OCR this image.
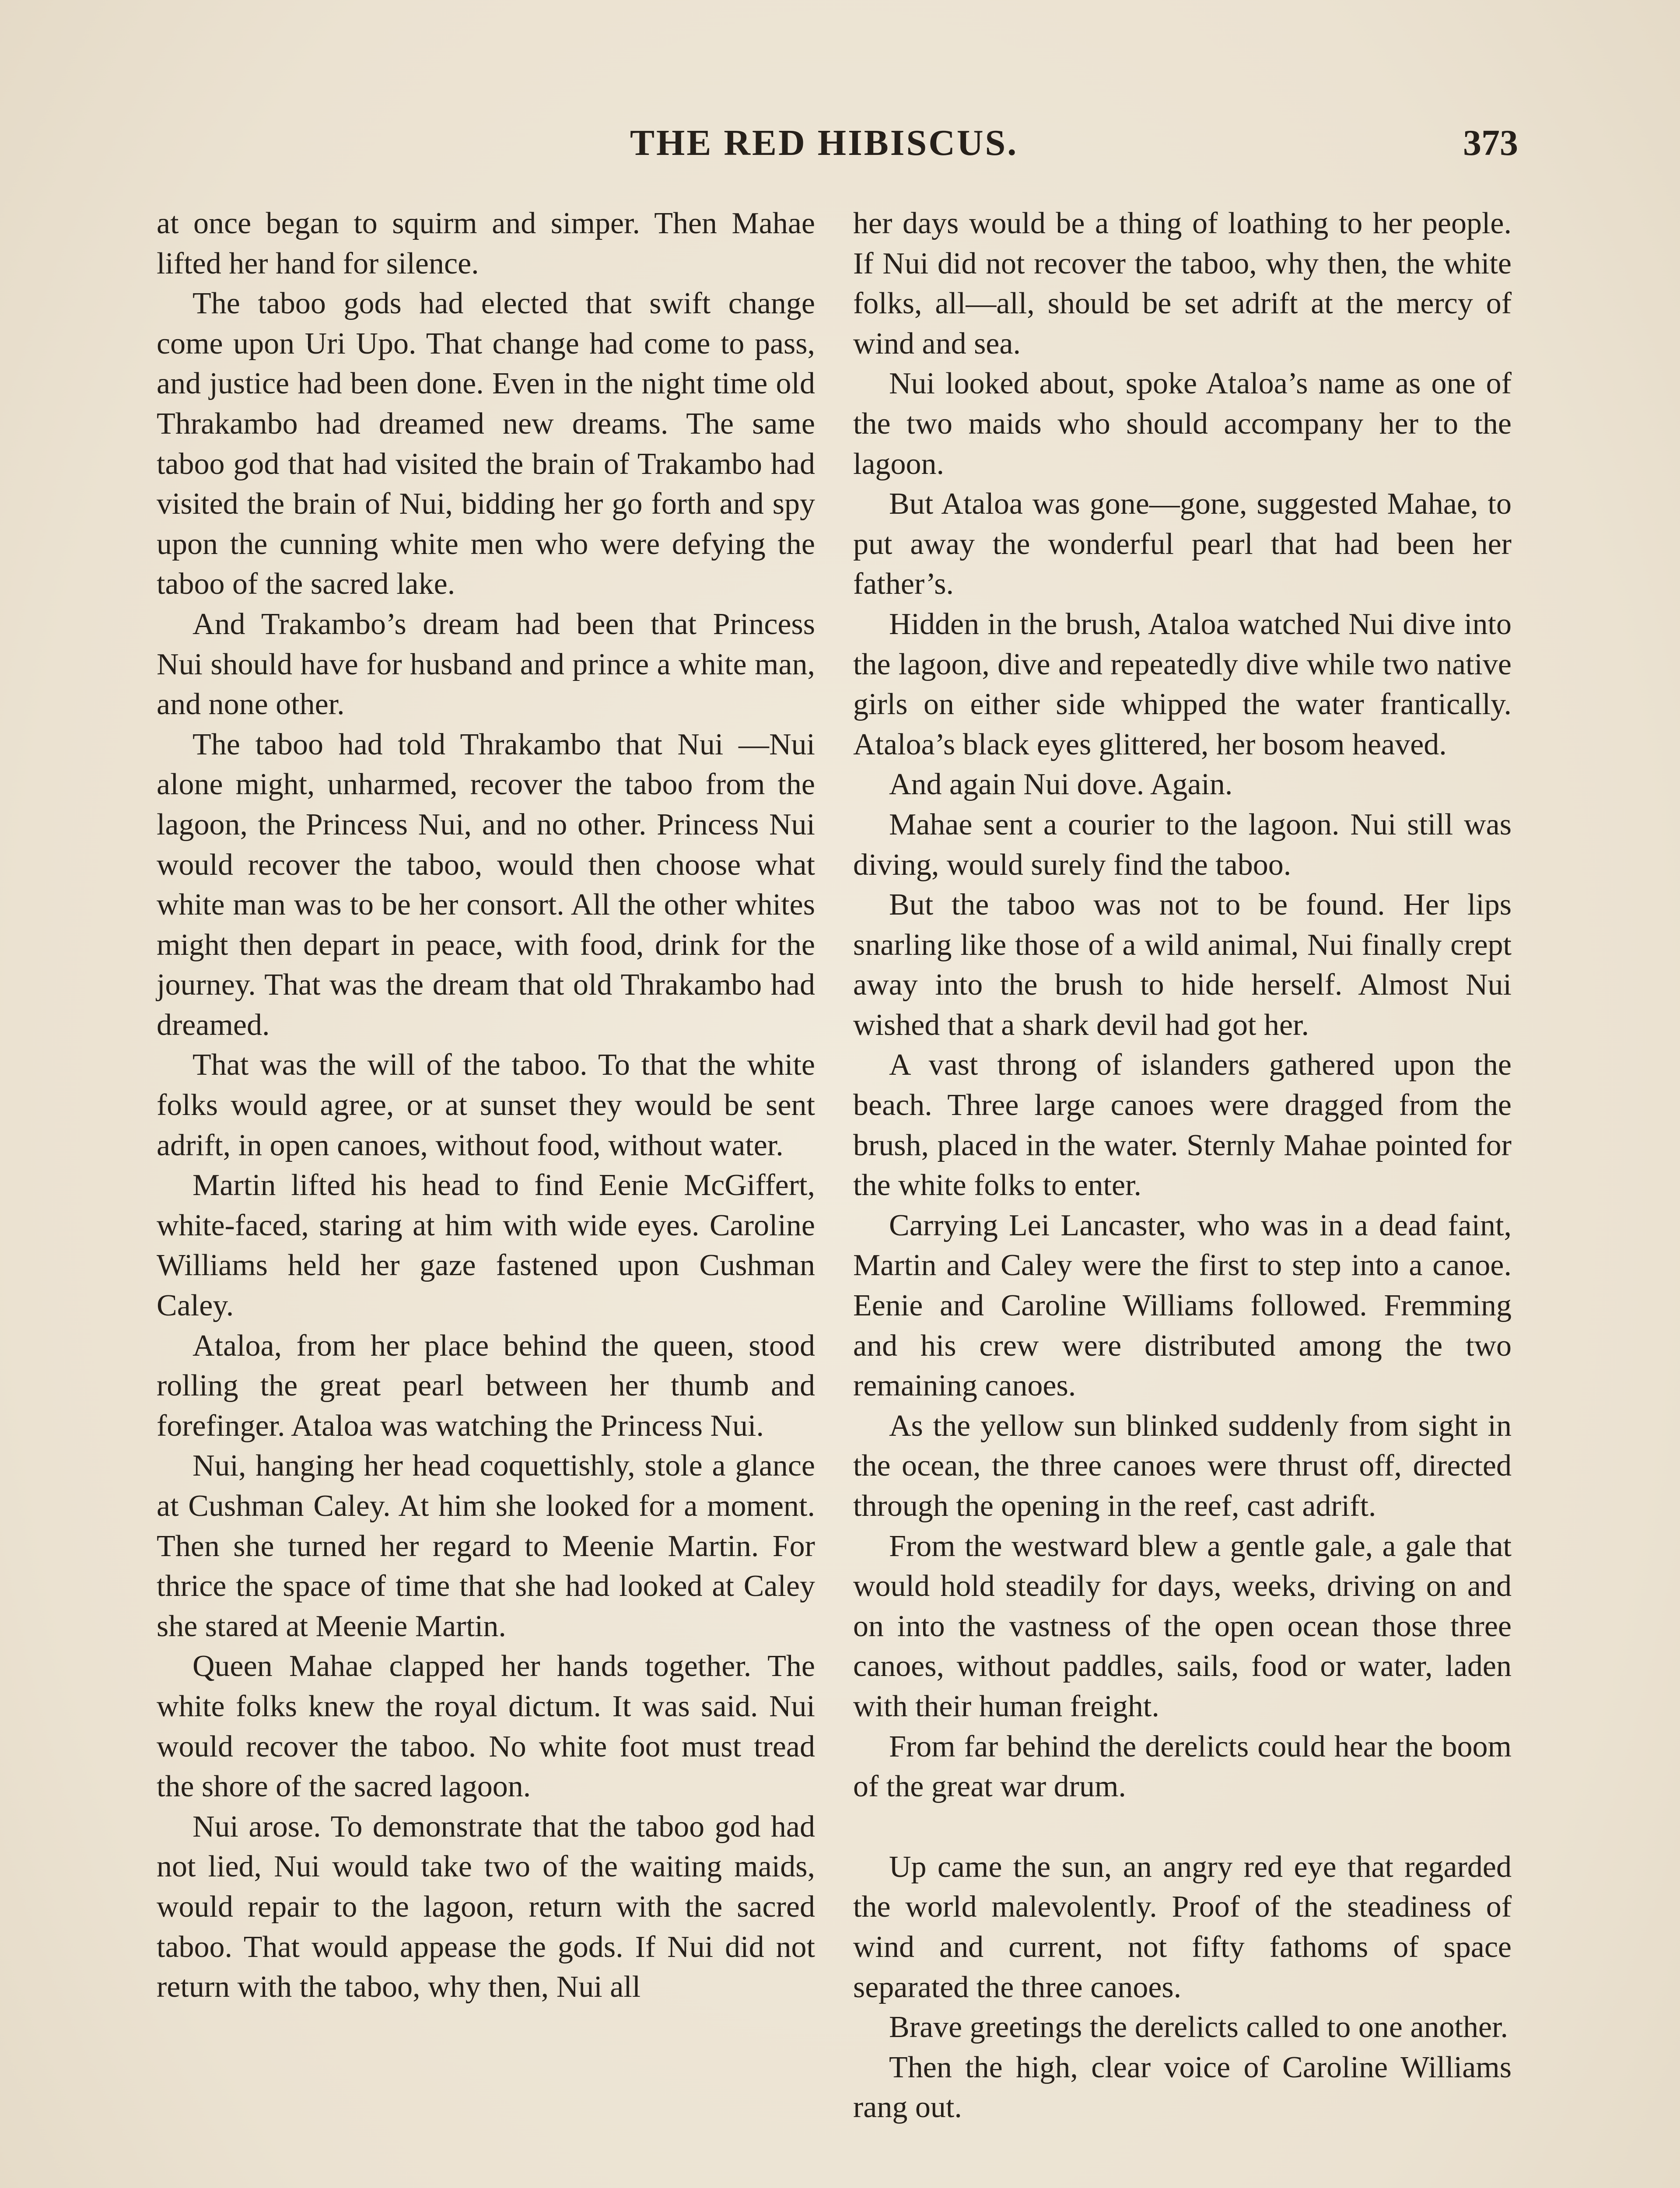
THE RED HIBISCUS.	373

at once began to squirm and simper. Then Mahae lifted her hand for silence.

The taboo gods had elected that swift change come upon Uri Upo. That change had come to pass, and justice had been done. Even in the night time old Thrakambo had dreamed new dreams. The same taboo god that had visited the brain of Trakambo had visited the brain of Nui, bidding her go forth and spy upon the cunning white men who were defying the taboo of the sacred lake.

And Trakambo’s dream had been that Princess Nui should have for husband and prince a white man, and none other.

The taboo had told Thrakambo that Nui —Nui alone might, unharmed, recover the taboo from the lagoon, the Princess Nui, and no other. Princess Nui would recover the taboo, would then choose what white man was to be her consort. All the other whites might then depart in peace, with food, drink for the journey. That was the dream that old Thrakambo had dreamed.

That was the will of the taboo. To that the white folks would agree, or at sunset they would be sent adrift, in open canoes, without food, without water.

Martin lifted his head to find Eenie McGiffert, white-faced, staring at him with wide eyes. Caroline Williams held her gaze fastened upon Cushman Caley.

Ataloa, from her place behind the queen, stood rolling the great pearl between her thumb and forefinger. Ataloa was watching the Princess Nui.

Nui, hanging her head coquettishly, stole a glance at Cushman Caley. At him she looked for a moment. Then she turned her regard to Meenie Martin. For thrice the space of time that she had looked at Caley she stared at Meenie Martin.

Queen Mahae clapped her hands together. The white folks knew the royal dictum. It was said. Nui would recover the taboo. No white foot must tread the shore of the sacred lagoon.

Nui arose. To demonstrate that the taboo god had not lied, Nui would take two of the waiting maids, would repair to the lagoon, return with the sacred taboo. That would appease the gods. If Nui did not return with the taboo, why then, Nui all

her days would be a thing of loathing to her people. If Nui did not recover the taboo, why then, the white folks, all—all, should be set adrift at the mercy of wind and sea.

Nui looked about, spoke Ataloa’s name as one of the two maids who should accompany her to the lagoon.

But Ataloa was gone—gone, suggested Mahae, to put away the wonderful pearl that had been her father’s.

Hidden in the brush, Ataloa watched Nui dive into the lagoon, dive and repeatedly dive while two native girls on either side whipped the water frantically. Ataloa’s black eyes glittered, her bosom heaved.

And again Nui dove. Again.

Mahae sent a courier to the lagoon. Nui still was diving, would surely find the taboo.

But the taboo was not to be found. Her lips snarling like those of a wild animal, Nui finally crept away into the brush to hide herself. Almost Nui wished that a shark devil had got her.

A vast throng of islanders gathered upon the beach. Three large canoes were dragged from the brush, placed in the water. Sternly Mahae pointed for the white folks to enter.

Carrying Lei Lancaster, who was in a dead faint, Martin and Caley were the first to step into a canoe. Eenie and Caroline Williams followed. Fremming and his crew were distributed among the two remaining canoes.

As the yellow sun blinked suddenly from sight in the ocean, the three canoes were thrust off, directed through the opening in the reef, cast adrift.

From the westward blew a gentle gale, a gale that would hold steadily for days, weeks, driving on and on into the vastness of the open ocean those three canoes, without paddles, sails, food or water, laden with their human freight.

From far behind the derelicts could hear the boom of the great war drum.

Up came the sun, an angry red eye that regarded the world malevolently. Proof of the steadiness of wind and current, not fifty fathoms of space separated the three canoes.

Brave greetings the derelicts called to one another.

Then the high, clear voice of Caroline Williams rang out.
